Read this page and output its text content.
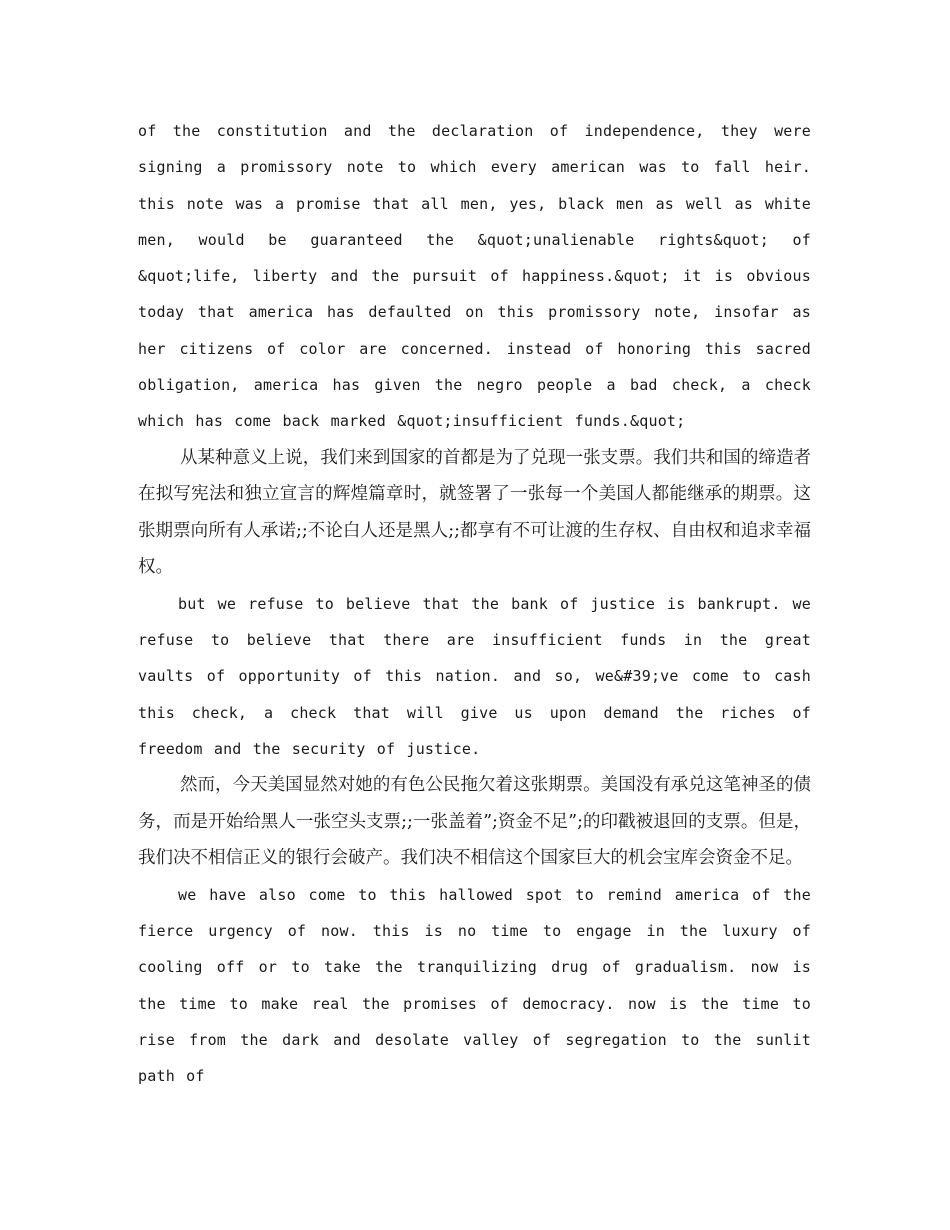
of the constitution and the declaration of independence, they were signing a promissory note to which every american was to fall heir. this note was a promise that all men, yes, black men as well as white men, would be guaranteed the &quot;unalienable rights&quot; of &quot;life, liberty and the pursuit of happiness.&quot; it is obvious today that america has defaulted on this promissory note, insofar as her citizens of color are concerned. instead of honoring this sacred obligation, america has given the negro people a bad check, a check which has come back marked &quot;insufficient funds.&quot;

从某种意义上说，我们来到国家的首都是为了兑现一张支票。我们共和国的缔造者在拟写宪法和独立宣言的辉煌篇章时，就签署了一张每一个美国人都能继承的期票。这张期票向所有人承诺;;不论白人还是黑人;;都享有不可让渡的生存权、自由权和追求幸福权。

but we refuse to believe that the bank of justice is bankrupt. we refuse to believe that there are insufficient funds in the great vaults of opportunity of this nation. and so, we&#39;ve come to cash this check, a check that will give us upon demand the riches of freedom and the security of justice.

然而，今天美国显然对她的有色公民拖欠着这张期票。美国没有承兑这笔神圣的债务，而是开始给黑人一张空头支票;;一张盖着”;资金不足”;的印戳被退回的支票。但是，我们决不相信正义的银行会破产。我们决不相信这个国家巨大的机会宝库会资金不足。

we have also come to this hallowed spot to remind america of the fierce urgency of now. this is no time to engage in the luxury of cooling off or to take the tranquilizing drug of gradualism. now is the time to make real the promises of democracy. now is the time to rise from the dark and desolate valley of segregation to the sunlit path of
